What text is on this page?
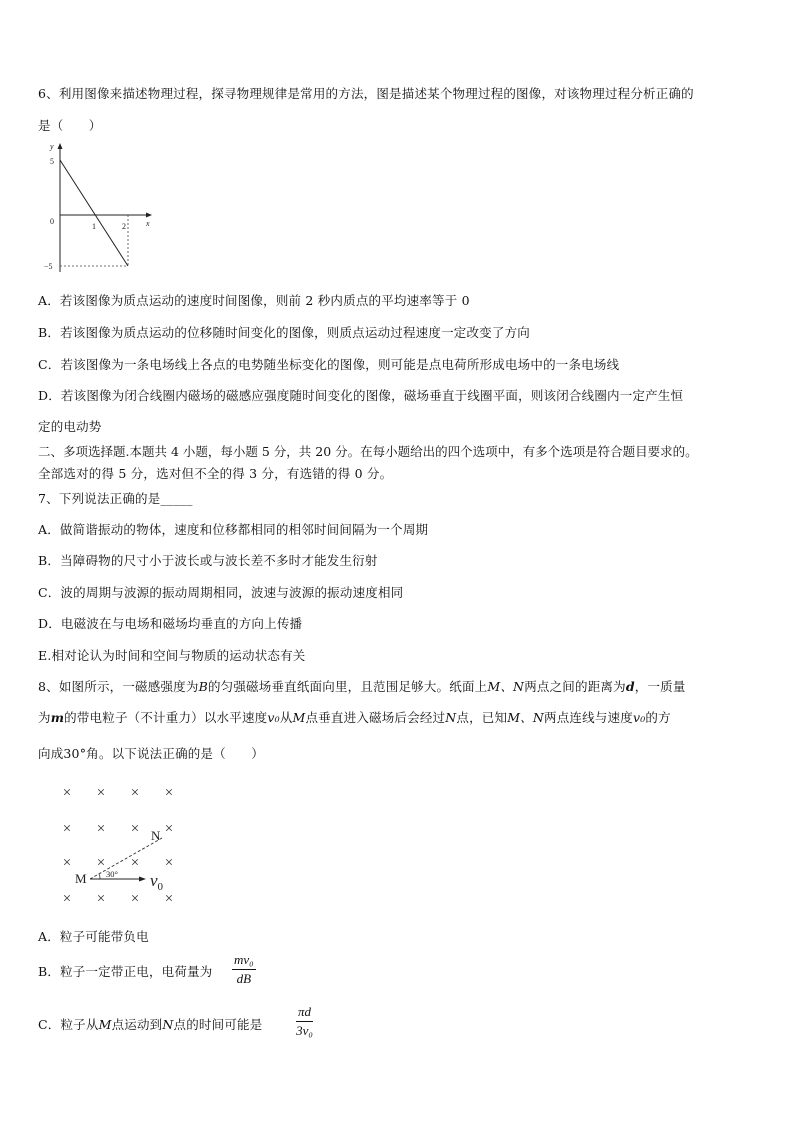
6、利用图像来描述物理过程，探寻物理规律是常用的方法，图是描述某个物理过程的图像，对该物理过程分析正确的
是（　　）
y
5
0
−5
1	2	x
A．若该图像为质点运动的速度时间图像，则前 2 秒内质点的平均速率等于 0
B．若该图像为质点运动的位移随时间变化的图像，则质点运动过程速度一定改变了方向
C．若该图像为一条电场线上各点的电势随坐标变化的图像，则可能是点电荷所形成电场中的一条电场线
D．若该图像为闭合线圈内磁场的磁感应强度随时间变化的图像，磁场垂直于线圈平面，则该闭合线圈内一定产生恒
定的电动势
二、多项选择题.本题共 4 小题，每小题 5 分，共 20 分。在每小题给出的四个选项中，有多个选项是符合题目要求的。
全部选对的得 5 分，选对但不全的得 3 分，有选错的得 0 分。
7、下列说法正确的是_____
A．做简谐振动的物体，速度和位移都相同的相邻时间间隔为一个周期
B．当障碍物的尺寸小于波长或与波长差不多时才能发生衍射
C．波的周期与波源的振动周期相同，波速与波源的振动速度相同
D．电磁波在与电场和磁场均垂直的方向上传播
E.相对论认为时间和空间与物质的运动状态有关
8、如图所示，一磁感强度为B的匀强磁场垂直纸面向里，且范围足够大。纸面上M、N两点之间的距离为d，一质量
为m的带电粒子（不计重力）以水平速度v₀从M点垂直进入磁场后会经过N点，已知M、N两点连线与速度v₀的方
向成30°角。以下说法正确的是（　　）
× × × ×
× × × ×
× × × ×
× × × ×
N
M 30° $v_0$
A．粒子可能带负电
B．粒子一定带正电，电荷量为 $\frac{\text{mv₀}}{dB}$
C．粒子从M点运动到N点的时间可能是	$\frac{\pi d}{\text{3v₀}}$
